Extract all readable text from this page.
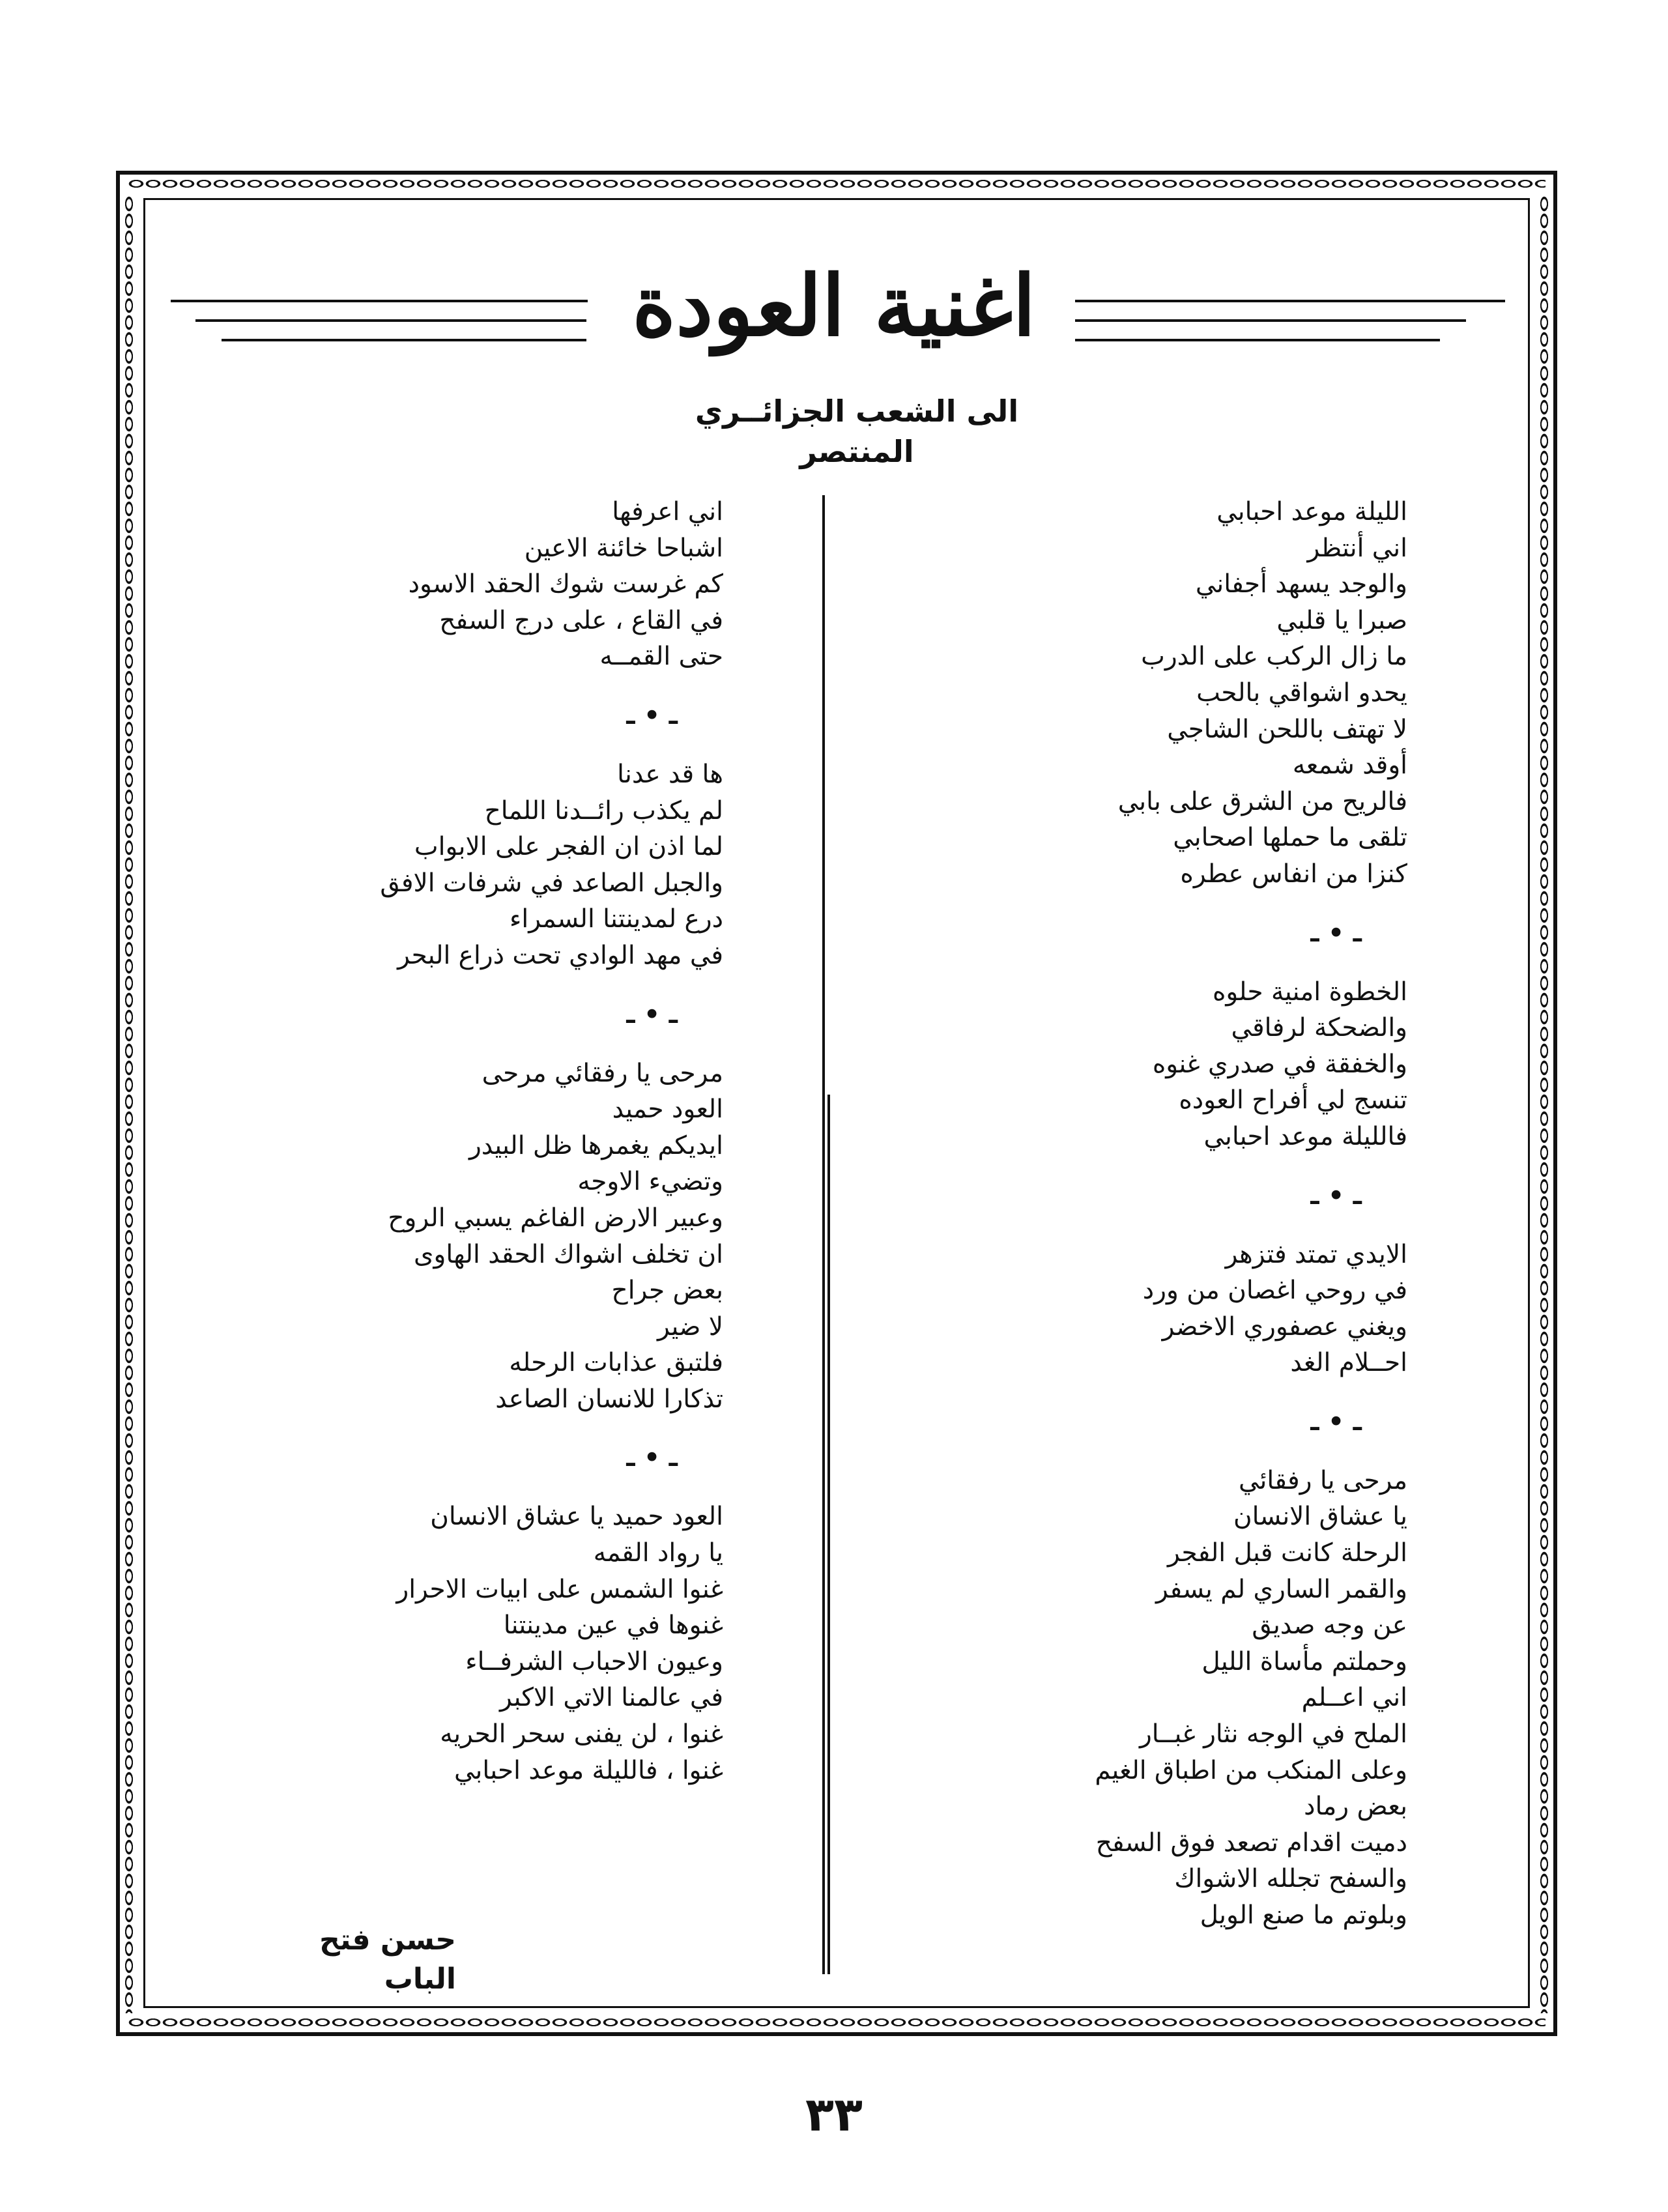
اغنية العودة
الى الشعب الجزائــري المنتصر
الليلة موعد احبابي
اني أنتظر
والوجد يسهد أجفاني
صبرا يا قلبي
ما زال الركب على الدرب
يحدو اشواقي بالحب
لا تهتف باللحن الشاجي
أوقد شمعه
فالريح من الشرق على بابي
تلقى ما حملها اصحابي
كنزا من انفاس عطره
ـ • ـ
الخطوة امنية حلوه
والضحكة لرفاقي
والخفقة في صدري غنوه
تنسج لي أفراح العوده
فالليلة موعد احبابي
ـ • ـ
الايدي تمتد فتزهر
في روحي اغصان من ورد
ويغني عصفوري الاخضر
احــلام الغد
ـ • ـ
مرحى يا رفقائي
يا عشاق الانسان
الرحلة كانت قبل الفجر
والقمر الساري لم يسفر
عن وجه صديق
وحملتم مأساة الليل
اني اعــلم
الملح في الوجه نثار غبــار
وعلى المنكب من اطباق الغيم
بعض رماد
دميت اقدام تصعد فوق السفح
والسفح تجلله الاشواك
وبلوتم ما صنع الويل
اني اعرفها
اشباحا خائنة الاعين
كم غرست شوك الحقد الاسود
في القاع ، على درج السفح
حتى القمــه
ـ • ـ
ها قد عدنا
لم يكذب رائــدنا اللماح
لما اذن ان الفجر على الابواب
والجبل الصاعد في شرفات الافق
درع لمدينتنا السمراء
في مهد الوادي تحت ذراع البحر
ـ • ـ
مرحى يا رفقائي مرحى
العود حميد
ايديكم يغمرها ظل البيدر
وتضيء الاوجه
وعبير الارض الفاغم يسبي الروح
ان تخلف اشواك الحقد الهاوى
بعض جراح
لا ضير
فلتبق عذابات الرحله
تذكارا للانسان الصاعد
ـ • ـ
العود حميد يا عشاق الانسان
يا رواد القمه
غنوا الشمس على ابيات الاحرار
غنوها في عين مدينتنا
وعيون الاحباب الشرفــاء
في عالمنا الاتي الاكبر
غنوا ، لن يفنى سحر الحريه
غنوا ، فالليلة موعد احبابي
حسن فتح الباب
٣٣
